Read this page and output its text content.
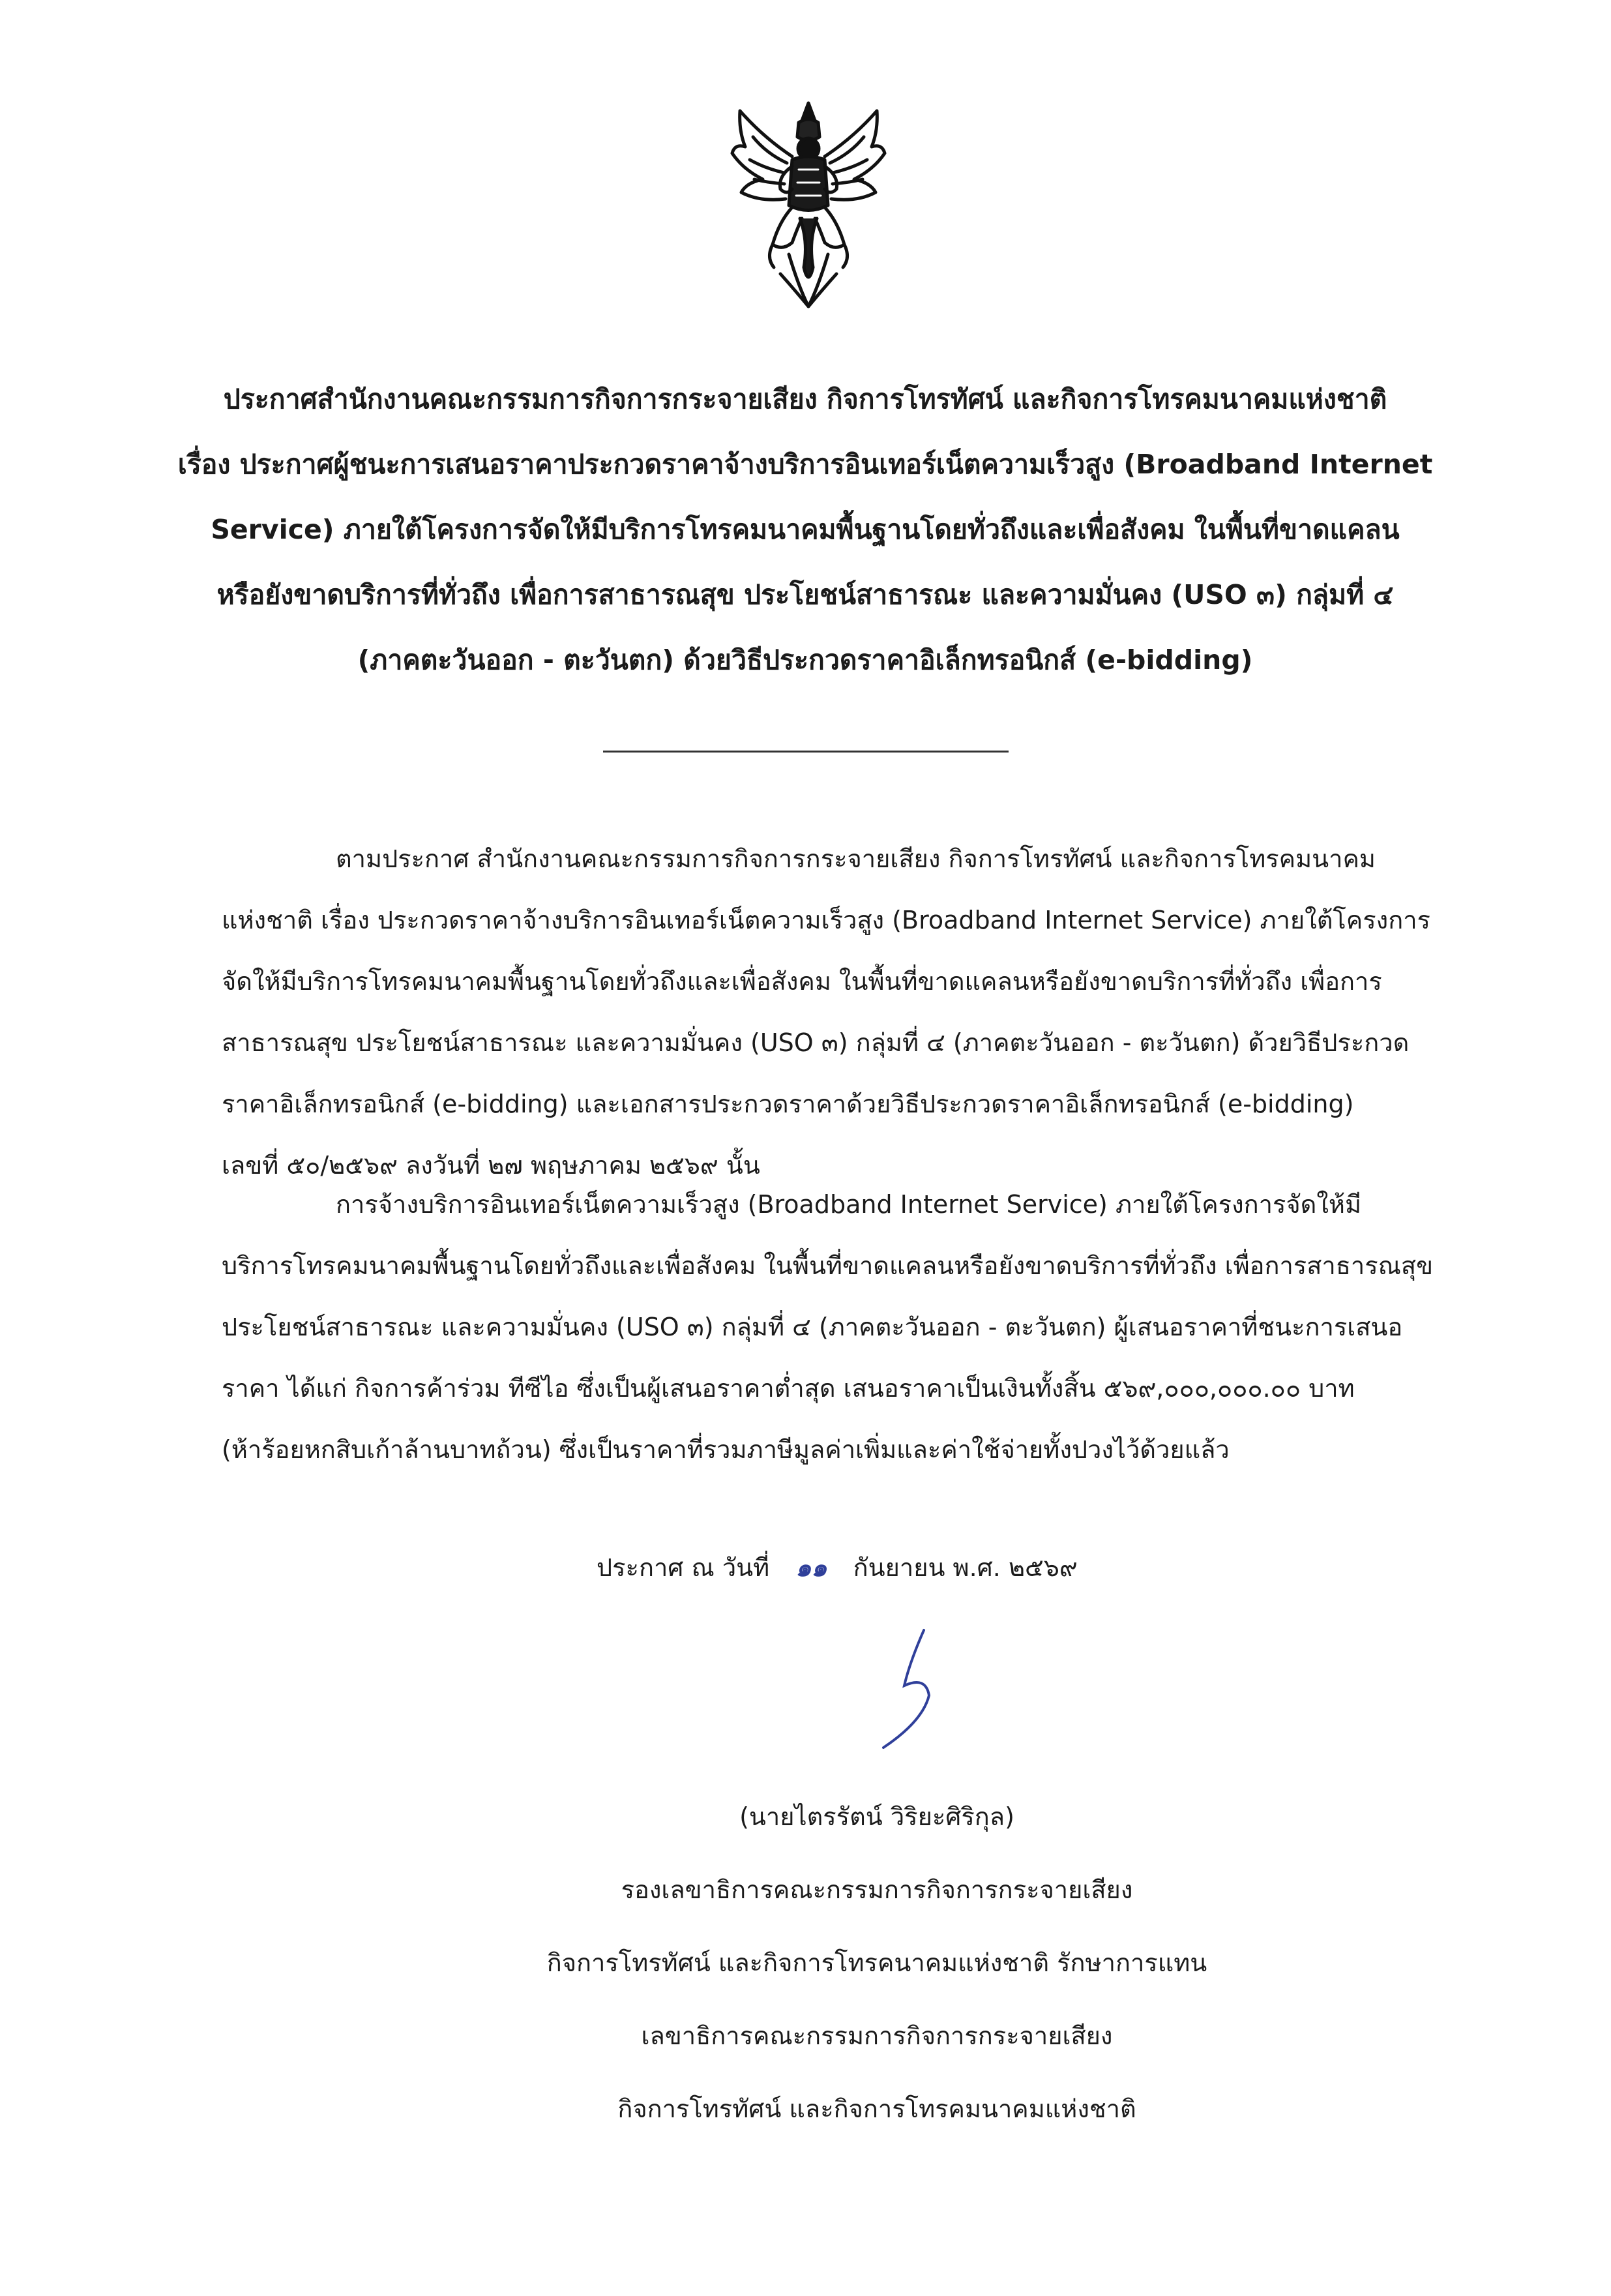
ประกาศสำนักงานคณะกรรมการกิจการกระจายเสียง กิจการโทรทัศน์ และกิจการโทรคมนาคมแห่งชาติ
เรื่อง ประกาศผู้ชนะการเสนอราคาประกวดราคาจ้างบริการอินเทอร์เน็ตความเร็วสูง (Broadband Internet
Service) ภายใต้โครงการจัดให้มีบริการโทรคมนาคมพื้นฐานโดยทั่วถึงและเพื่อสังคม ในพื้นที่ขาดแคลน
หรือยังขาดบริการที่ทั่วถึง เพื่อการสาธารณสุข ประโยชน์สาธารณะ และความมั่นคง (USO ๓) กลุ่มที่ ๔
(ภาคตะวันออก - ตะวันตก) ด้วยวิธีประกวดราคาอิเล็กทรอนิกส์ (e-bidding)
ตามประกาศ สำนักงานคณะกรรมการกิจการกระจายเสียง กิจการโทรทัศน์ และกิจการโทรคมนาคม
แห่งชาติ เรื่อง ประกวดราคาจ้างบริการอินเทอร์เน็ตความเร็วสูง (Broadband Internet Service) ภายใต้โครงการ
จัดให้มีบริการโทรคมนาคมพื้นฐานโดยทั่วถึงและเพื่อสังคม ในพื้นที่ขาดแคลนหรือยังขาดบริการที่ทั่วถึง เพื่อการ
สาธารณสุข ประโยชน์สาธารณะ และความมั่นคง (USO ๓) กลุ่มที่ ๔ (ภาคตะวันออก - ตะวันตก) ด้วยวิธีประกวด
ราคาอิเล็กทรอนิกส์ (e-bidding) และเอกสารประกวดราคาด้วยวิธีประกวดราคาอิเล็กทรอนิกส์ (e-bidding)
เลขที่ ๕๐/๒๕๖๙ ลงวันที่ ๒๗ พฤษภาคม ๒๕๖๙ นั้น
การจ้างบริการอินเทอร์เน็ตความเร็วสูง (Broadband Internet Service) ภายใต้โครงการจัดให้มี
บริการโทรคมนาคมพื้นฐานโดยทั่วถึงและเพื่อสังคม ในพื้นที่ขาดแคลนหรือยังขาดบริการที่ทั่วถึง เพื่อการสาธารณสุข
ประโยชน์สาธารณะ และความมั่นคง (USO ๓) กลุ่มที่ ๔ (ภาคตะวันออก - ตะวันตก) ผู้เสนอราคาที่ชนะการเสนอ
ราคา ได้แก่ กิจการค้าร่วม ทีซีไอ ซึ่งเป็นผู้เสนอราคาต่ำสุด เสนอราคาเป็นเงินทั้งสิ้น ๕๖๙,๐๐๐,๐๐๐.๐๐ บาท
(ห้าร้อยหกสิบเก้าล้านบาทถ้วน) ซึ่งเป็นราคาที่รวมภาษีมูลค่าเพิ่มและค่าใช้จ่ายทั้งปวงไว้ด้วยแล้ว
ประกาศ ณ วันที่ ๑๑ กันยายน พ.ศ. ๒๕๖๙
(นายไตรรัตน์ วิริยะศิริกุล)
รองเลขาธิการคณะกรรมการกิจการกระจายเสียง
กิจการโทรทัศน์ และกิจการโทรคนาคมแห่งชาติ รักษาการแทน
เลขาธิการคณะกรรมการกิจการกระจายเสียง
กิจการโทรทัศน์ และกิจการโทรคมนาคมแห่งชาติ
